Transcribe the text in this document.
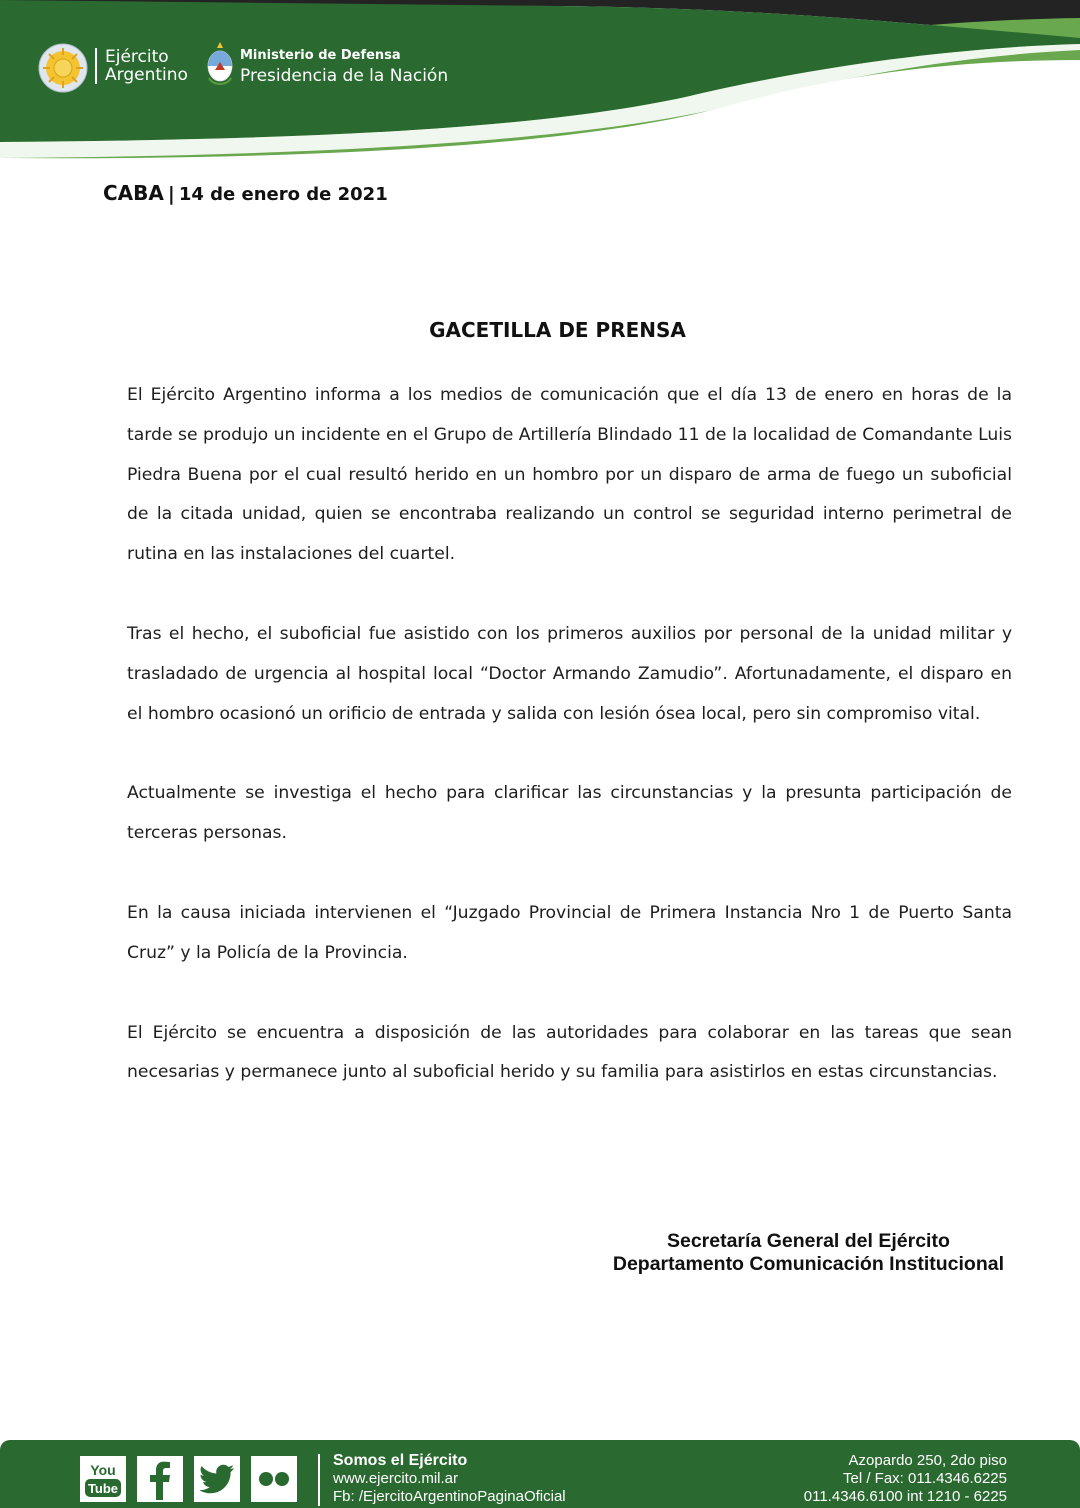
Ejército
Argentino
Ministerio de Defensa
Presidencia de la Nación
CABA | 14 de enero de 2021
GACETILLA DE PRENSA

El Ejército Argentino informa a los medios de comunicación que el día 13 de enero en horas de la tarde se produjo un incidente en el Grupo de Artillería Blindado 11 de la localidad de Comandante Luis Piedra Buena por el cual resultó herido en un hombro por un disparo de arma de fuego un suboficial de la citada unidad, quien se encontraba realizando un control se seguridad interno perimetral de rutina en las instalaciones del cuartel.

Tras el hecho, el suboficial fue asistido con los primeros auxilios por personal de la unidad militar y trasladado de urgencia al hospital local “Doctor Armando Zamudio”. Afortunadamente, el disparo en el hombro ocasionó un orificio de entrada y salida con lesión ósea local, pero sin compromiso vital.

Actualmente se investiga el hecho para clarificar las circunstancias y la presunta participación de terceras personas.

En la causa iniciada intervienen el “Juzgado Provincial de Primera Instancia Nro 1 de Puerto Santa Cruz” y la Policía de la Provincia.

El Ejército se encuentra a disposición de las autoridades para colaborar en las tareas que sean necesarias y permanece junto al suboficial herido y su familia para asistirlos en estas circunstancias.

Secretaría General del Ejército
Departamento Comunicación Institucional
You
Tube
Somos el Ejército
www.ejercito.mil.ar
Fb: /EjercitoArgentinoPaginaOficial
Azopardo 250, 2do piso
Tel / Fax: 011.4346.6225
011.4346.6100 int 1210 - 6225
